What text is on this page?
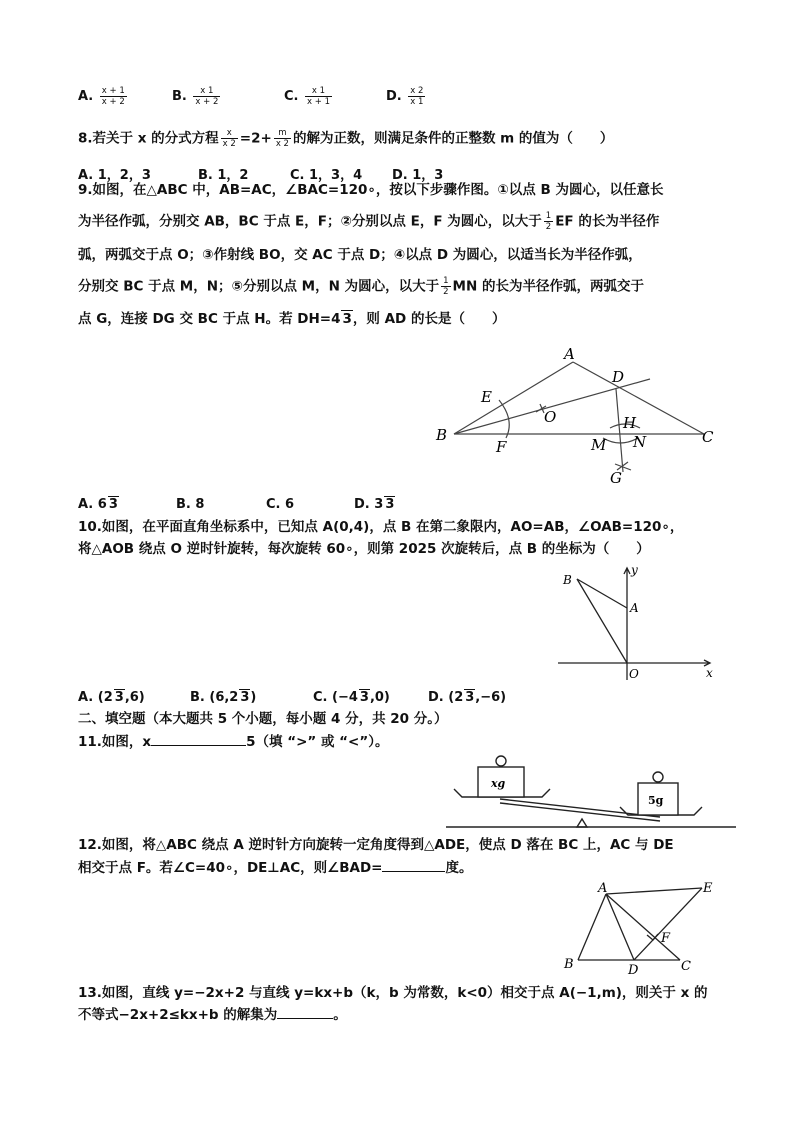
A. $\frac{x + 1}{x + 2}$	B. $\frac{x 1}{x + 2}$	C. $\frac{x 1}{x + 1}$	D. $\frac{x 2}{x 1}$
8.若关于 x 的分式方程 $\frac{x}{x 2} =2+ \frac{m}{x 2}$ 的解为正数，则满足条件的正整数 m 的值为（　　）
A. 1，2，3	B. 1，2	C. 1，3，4 D. 1，3
9.如图，在△ABC 中，AB=AC，∠BAC=120∘，按以下步骤作图。①以点 B 为圆心，以任意长
为半径作弧，分别交 AB，BC 于点 E，F；②分别以点 E，F 为圆心，以大于 $\frac{1}{2}$ EF 的长为半径作
弧，两弧交于点 O；③作射线 BO，交 AC 于点 D；④以点 D 为圆心，以适当长为半径作弧，
分别交 BC 于点 M，N；⑤分别以点 M，N 为圆心，以大于 $\frac{1}{2}$ MN 的长为半径作弧，两弧交于
点 G，连接 DG 交 BC 于点 H。若 DH=4 3，则 AD 的长是（　　）
A
D
E
O	H
B
F	M N	C
G
A. 6 3	B. 8	C. 6	D. 3 3
10.如图，在平面直角坐标系中，已知点 A(0,4)，点 B 在第二象限内，AO=AB，∠OAB=120∘，
将△AOB 绕点 O 逆时针旋转，每次旋转 60∘，则第 2025 次旋转后，点 B 的坐标为（　　）
B
y
A
O	x
A. (2 3,6)	B. (6,2 3)	C. (−4 3,0)	D. (2 3,−6)
二、填空题（本大题共 5 个小题，每小题 4 分，共 20 分。）
11.如图，x	5（填 “>” 或 “<”）。
xg
5g
12.如图，将△ABC 绕点 A 逆时针方向旋转一定角度得到△ADE，使点 D 落在 BC 上，AC 与 DE
相交于点 F。若∠C=40∘，DE⊥AC，则∠BAD=	度。
A	E
F
B	D	C
13.如图，直线 y=−2x+2 与直线 y=kx+b（k，b 为常数，k<0）相交于点 A(−1,m)，则关于 x 的
不等式−2x+2≤kx+b 的解集为	。
